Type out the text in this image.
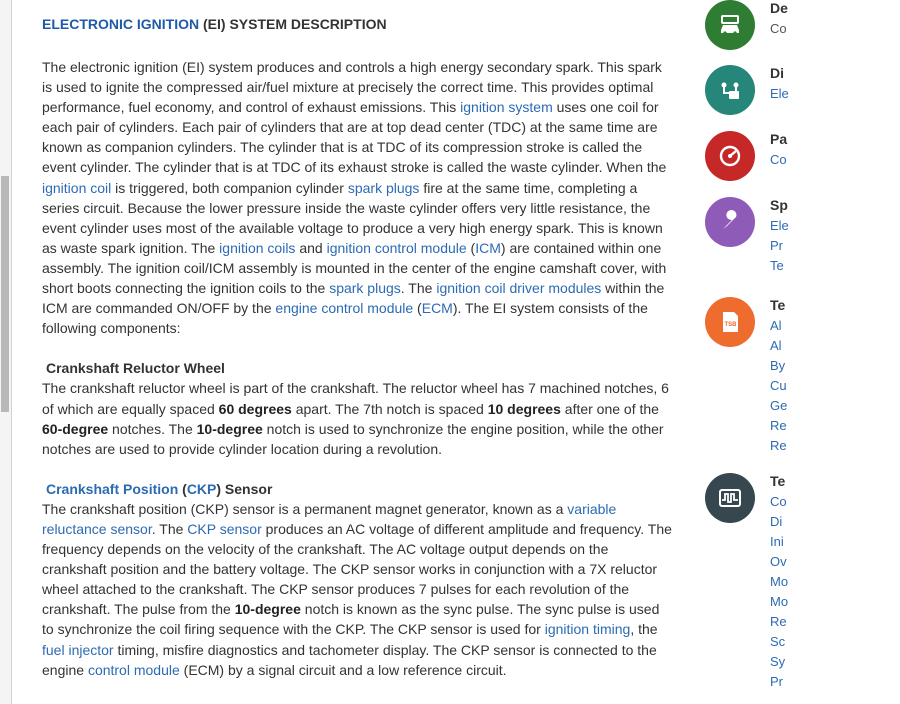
ELECTRONIC IGNITION (EI) SYSTEM DESCRIPTION

The electronic ignition (EI) system produces and controls a high energy secondary spark. This spark is used to ignite the compressed air/fuel mixture at precisely the correct time. This provides optimal performance, fuel economy, and control of exhaust emissions. This ignition system uses one coil for each pair of cylinders. Each pair of cylinders that are at top dead center (TDC) at the same time are known as companion cylinders. The cylinder that is at TDC of its compression stroke is called the event cylinder. The cylinder that is at TDC of its exhaust stroke is called the waste cylinder. When the ignition coil is triggered, both companion cylinder spark plugs fire at the same time, completing a series circuit. Because the lower pressure inside the waste cylinder offers very little resistance, the event cylinder uses most of the available voltage to produce a very high energy spark. This is known as waste spark ignition. The ignition coils and ignition control module (ICM) are contained within one assembly. The ignition coil/ICM assembly is mounted in the center of the engine camshaft cover, with short boots connecting the ignition coils to the spark plugs. The ignition coil driver modules within the ICM are commanded ON/OFF by the engine control module (ECM). The EI system consists of the following components:

Crankshaft Reluctor Wheel

The crankshaft reluctor wheel is part of the crankshaft. The reluctor wheel has 7 machined notches, 6 of which are equally spaced 60 degrees apart. The 7th notch is spaced 10 degrees after one of the 60-degree notches. The 10-degree notch is used to synchronize the engine position, while the other notches are used to provide cylinder location during a revolution.

Crankshaft Position (CKP) Sensor

The crankshaft position (CKP) sensor is a permanent magnet generator, known as a variable reluctance sensor. The CKP sensor produces an AC voltage of different amplitude and frequency. The frequency depends on the velocity of the crankshaft. The AC voltage output depends on the crankshaft position and the battery voltage. The CKP sensor works in conjunction with a 7X reluctor wheel attached to the crankshaft. The CKP sensor produces 7 pulses for each revolution of the crankshaft. The pulse from the 10-degree notch is known as the sync pulse. The sync pulse is used to synchronize the coil firing sequence with the CKP. The CKP sensor is used for ignition timing, the fuel injector timing, misfire diagnostics and tachometer display. The CKP sensor is connected to the engine control module (ECM) by a signal circuit and a low reference circuit.

De
Co
Di
Ele
Pa
Co
Sp
Ele
Pr
Te
TSB
Te
Al
Al
By
Cu
Ge
Re
Re
Te
Co
Di
Ini
Ov
Mo
Mo
Re
Sc
Sy
Pr
